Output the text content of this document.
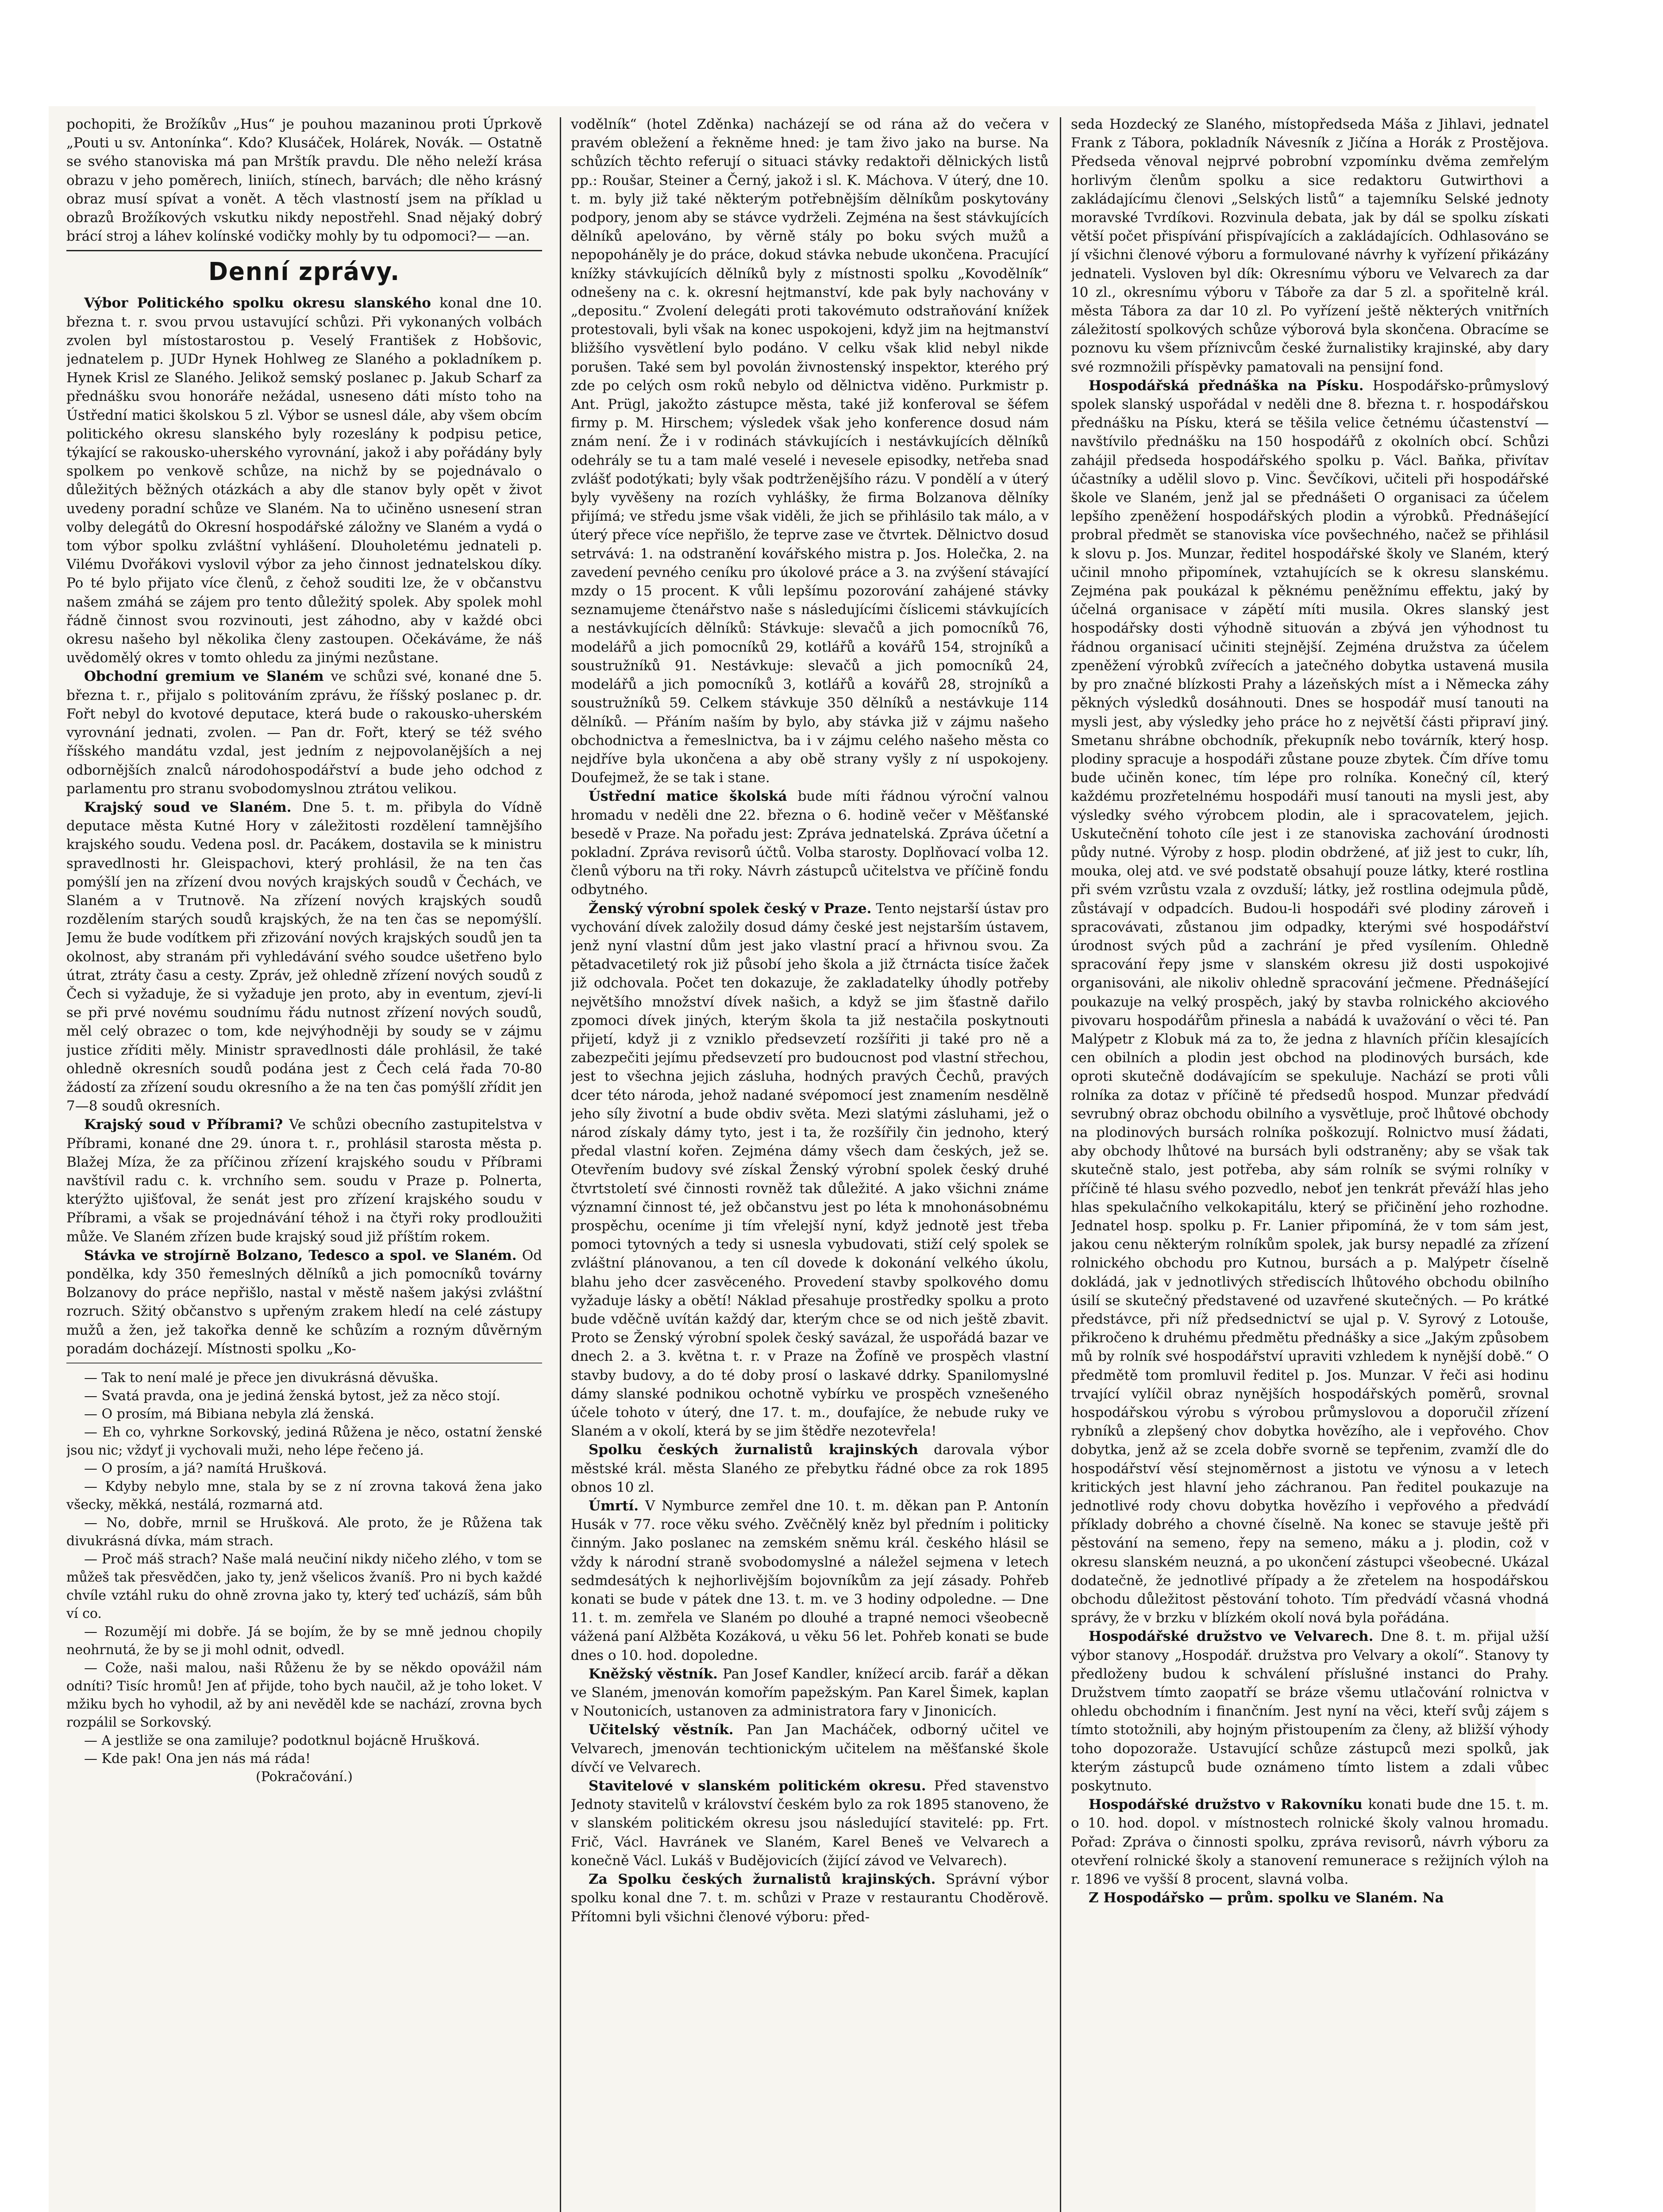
pochopiti, že Brožíkův „Hus“ je pouhou mazaninou proti Úprkově „Pouti u sv. Antonínka“. Kdo? Klusáček, Holárek, Novák. — Ostatně se svého stanoviska má pan Mrštík pravdu. Dle něho neleží krása obrazu v jeho poměrech, liniích, stínech, barvách; dle něho krásný obraz musí spívat a vonět. A těch vlastností jsem na příklad u obrazů Brožíkových vskutku nikdy nepostřehl. Snad nějaký dobrý brácí stroj a láhev kolínské vodičky mohly by tu odpomoci?— —an.

Denní zprávy.

Výbor Politického spolku okresu slanského konal dne 10. března t. r. svou prvou ustavující schůzi. Při vykonaných volbách zvolen byl místostarostou p. Veselý František z Hobšovic, jednatelem p. JUDr Hynek Hohlweg ze Slaného a pokladníkem p. Hynek Krisl ze Slaného. Jelikož semský poslanec p. Jakub Scharf za přednášku svou honoráře nežádal, usneseno dáti místo toho na Ústřední matici školskou 5 zl. Výbor se usnesl dále, aby všem obcím politického okresu slanského byly rozeslány k podpisu petice, týkající se rakousko-uherského vyrovnání, jakož i aby pořádány byly spolkem po venkově schůze, na nichž by se pojednávalo o důležitých běžných otázkách a aby dle stanov byly opět v život uvedeny poradní schůze ve Slaném. Na to učiněno usnesení stran volby delegátů do Okresní hospodářské záložny ve Slaném a vydá o tom výbor spolku zvláštní vyhlášení. Dlouholetému jednateli p. Vilému Dvořákovi vyslovil výbor za jeho činnost jednatelskou díky. Po té bylo přijato více členů, z čehož souditi lze, že v občanstvu našem zmáhá se zájem pro tento důležitý spolek. Aby spolek mohl řádně činnost svou rozvinouti, jest záhodno, aby v každé obci okresu našeho byl několika členy zastoupen. Očekáváme, že náš uvědomělý okres v tomto ohledu za jinými nezůstane.

Obchodní gremium ve Slaném ve schůzi své, konané dne 5. března t. r., přijalo s politováním zprávu, že říšský poslanec p. dr. Fořt nebyl do kvotové deputace, která bude o rakousko-uherském vyrovnání jednati, zvolen. — Pan dr. Fořt, který se též svého říšského mandátu vzdal, jest jedním z nejpovolanějších a nej odbornějších znalců národohospodářství a bude jeho odchod z parlamentu pro stranu svobodomyslnou ztrátou velikou.

Krajský soud ve Slaném. Dne 5. t. m. přibyla do Vídně deputace města Kutné Hory v záležitosti rozdělení tamnějšího krajského soudu. Vedena posl. dr. Pacákem, dostavila se k ministru spravedlnosti hr. Gleispachovi, který prohlásil, že na ten čas pomýšlí jen na zřízení dvou nových krajských soudů v Čechách, ve Slaném a v Trutnově. Na zřízení nových krajských soudů rozdělením starých soudů krajských, že na ten čas se nepomýšlí. Jemu že bude vodítkem při zřizování nových krajských soudů jen ta okolnost, aby stranám při vyhledávání svého soudce ušetřeno bylo útrat, ztráty času a cesty. Zpráv, jež ohledně zřízení nových soudů z Čech si vyžaduje, že si vyžaduje jen proto, aby in eventum, zjeví-li se při prvé novému soudnímu řádu nutnost zřízení nových soudů, měl celý obrazec o tom, kde nejvýhodněji by soudy se v zájmu justice zříditi měly. Ministr spravedlnosti dále prohlásil, že také ohledně okresních soudů podána jest z Čech celá řada 70-80 žádostí za zřízení soudu okresního a že na ten čas pomýšlí zřídit jen 7—8 soudů okresních.

Krajský soud v Příbrami? Ve schůzi obecního zastupitelstva v Příbrami, konané dne 29. února t. r., prohlásil starosta města p. Blažej Míza, že za příčinou zřízení krajského soudu v Příbrami navštívil radu c. k. vrchního sem. soudu v Praze p. Polnerta, kterýžto ujišťoval, že senát jest pro zřízení krajského soudu v Příbrami, a však se projednávání téhož i na čtyři roky prodloužiti může. Ve Slaném zřízen bude krajský soud již příštím rokem.

Stávka ve strojírně Bolzano, Tedesco a spol. ve Slaném. Od pondělka, kdy 350 řemeslných dělníků a jich pomocníků továrny Bolzanovy do práce nepřišlo, nastal v městě našem jakýsi zvláštní rozruch. Sžitý občanstvo s upřeným zrakem hledí na celé zástupy mužů a žen, jež takořka denně ke schůzím a rozným důvěrným poradám docházejí. Místnosti spolku „Ko-

— Tak to není malé je přece jen divukrásná děvuška.

— Svatá pravda, ona je jediná ženská bytost, jež za něco stojí.

— O prosím, má Bibiana nebyla zlá ženská.

— Eh co, vyhrkne Sorkovský, jediná Růžena je něco, ostatní ženské jsou nic; vždyť ji vychovali muži, neho lépe řečeno já.

— O prosím, a já? namítá Hrušková.

— Kdyby nebylo mne, stala by se z ní zrovna taková žena jako všecky, měkká, nestálá, rozmarná atd.

— No, dobře, mrnil se Hrušková. Ale proto, že je Růžena tak divukrásná dívka, mám strach.

— Proč máš strach? Naše malá neučiní nikdy ničeho zlého, v tom se můžeš tak přesvědčen, jako ty, jenž všelicos žvaníš. Pro ni bych každé chvíle vztáhl ruku do ohně zrovna jako ty, který teď ucházíš, sám bůh ví co.

— Rozumějí mi dobře. Já se bojím, že by se mně jednou chopily neohrnutá, že by se ji mohl odnit, odvedl.

— Cože, naši malou, naši Růženu že by se někdo opovážil nám odníti? Tisíc hromů! Jen ať přijde, toho bych naučil, až je toho loket. V mžiku bych ho vyhodil, až by ani nevěděl kde se nachází, zrovna bych rozpálil se Sorkovský.

— A jestliže se ona zamiluje? podotknul bojácně Hrušková.

— Kde pak! Ona jen nás má ráda!

(Pokračování.)

vodělník“ (hotel Zděnka) nacházejí se od rána až do večera v pravém obležení a řekněme hned: je tam živo jako na burse. Na schůzích těchto referují o situaci stávky redaktoři dělnických listů pp.: Roušar, Steiner a Černý, jakož i sl. K. Máchova. V úterý, dne 10. t. m. byly již také některým potřebnějším dělníkům poskytovány podpory, jenom aby se stávce vydrželi. Zejména na šest stávkujících dělníků apelováno, by věrně stály po boku svých mužů a nepopoháněly je do práce, dokud stávka nebude ukončena. Pracující knížky stávkujících dělníků byly z místnosti spolku „Kovodělník“ odnešeny na c. k. okresní hejtmanství, kde pak byly nachovány v „depositu.“ Zvolení delegáti proti takovémuto odstraňování knížek protestovali, byli však na konec uspokojeni, když jim na hejtmanství bližšího vysvětlení bylo podáno. V celku však klid nebyl nikde porušen. Také sem byl povolán živnostenský inspektor, kterého prý zde po celých osm roků nebylo od dělnictva viděno. Purkmistr p. Ant. Prügl, jakožto zástupce města, také již konferoval se šéfem firmy p. M. Hirschem; výsledek však jeho konference dosud nám znám není. Že i v rodinách stávkujících i nestávkujících dělníků odehrály se tu a tam malé veselé i nevesele episodky, netřeba snad zvlášť podotýkati; byly však podtrženějšího rázu. V pondělí a v úterý byly vyvěšeny na rozích vyhlášky, že firma Bolzanova dělníky přijímá; ve středu jsme však viděli, že jich se přihlásilo tak málo, a v úterý přece více nepřišlo, že teprve zase ve čtvrtek. Dělnictvo dosud setrvává: 1. na odstranění kovářského mistra p. Jos. Holečka, 2. na zavedení pevného ceníku pro úkolové práce a 3. na zvýšení stávající mzdy o 15 procent. K vůli lepšímu pozorování zahájené stávky seznamujeme čtenářstvo naše s následujícími číslicemi stávkujících a nestávkujících dělníků: Stávkuje: slevačů a jich pomocníků 76, modelářů a jich pomocníků 29, kotlářů a kovářů 154, strojníků a soustružníků 91. Nestávkuje: slevačů a jich pomocníků 24, modelářů a jich pomocníků 3, kotlářů a kovářů 28, strojníků a soustružníků 59. Celkem stávkuje 350 dělníků a nestávkuje 114 dělníků. — Přáním naším by bylo, aby stávka již v zájmu našeho obchodnictva a řemeslnictva, ba i v zájmu celého našeho města co nejdříve byla ukončena a aby obě strany vyšly z ní uspokojeny. Doufejmež, že se tak i stane.

Ústřední matice školská bude míti řádnou výroční valnou hromadu v neděli dne 22. března o 6. hodině večer v Měšťanské besedě v Praze. Na pořadu jest: Zpráva jednatelská. Zpráva účetní a pokladní. Zpráva revisorů účtů. Volba starosty. Doplňovací volba 12. členů výboru na tři roky. Návrh zástupců učitelstva ve příčině fondu odbytného.

Ženský výrobní spolek český v Praze. Tento nejstarší ústav pro vychování dívek založily dosud dámy české jest nejstarším ústavem, jenž nyní vlastní dům jest jako vlastní prací a hřivnou svou. Za pětadvacetiletý rok již působí jeho škola a již čtrnácta tisíce žaček již odchovala. Počet ten dokazuje, že zakladatelky úhodly potřeby největšího množství dívek našich, a když se jim šťastně dařilo zpomoci dívek jiných, kterým škola ta již nestačila poskytnouti přijetí, když ji z vzniklo předsevzetí rozšířiti ji také pro ně a zabezpečiti jejímu předsevzetí pro budoucnost pod vlastní střechou, jest to všechna jejich zásluha, hodných pravých Čechů, pravých dcer této národa, jehož nadané svépomocí jest znamením nesdělně jeho síly životní a bude obdiv světa. Mezi slatými zásluhami, jež o národ získaly dámy tyto, jest i ta, že rozšířily čin jednoho, který předal vlastní kořen. Zejména dámy všech dam českých, jež se. Otevřením budovy své získal Ženský výrobní spolek český druhé čtvrtstoletí své činnosti rovněž tak důležité. A jako všichni známe významní činnost té, jež občanstvu jest po léta k mnohonásobnému prospěchu, oceníme ji tím vřelejší nyní, když jednotě jest třeba pomoci tytovných a tedy si usnesla vybudovati, stiží celý spolek se zvláštní plánovanou, a ten cíl dovede k dokonání velkého úkolu, blahu jeho dcer zasvěceného. Provedení stavby spolkového domu vyžaduje lásky a obětí! Náklad přesahuje prostředky spolku a proto bude vděčně uvítán každý dar, kterým chce se od nich ještě zbavit. Proto se Ženský výrobní spolek český savázal, že uspořádá bazar ve dnech 2. a 3. května t. r. v Praze na Žofíně ve prospěch vlastní stavby budovy, a do té doby prosí o laskavé ddrky. Spanilomyslné dámy slanské podnikou ochotně vybírku ve prospěch vznešeného účele tohoto v úterý, dne 17. t. m., doufajíce, že nebude ruky ve Slaném a v okolí, která by se jim štědře nezotevřela!

Spolku českých žurnalistů krajinských darovala výbor městské král. města Slaného ze přebytku řádné obce za rok 1895 obnos 10 zl.

Úmrtí. V Nymburce zemřel dne 10. t. m. děkan pan P. Antonín Husák v 77. roce věku svého. Zvěčnělý kněz byl předním i politicky činným. Jako poslanec na zemském sněmu král. českého hlásil se vždy k národní straně svobodomyslné a náležel sejmena v letech sedmdesátých k nejhorlivějším bojovníkům za její zásady. Pohřeb konati se bude v pátek dne 13. t. m. ve 3 hodiny odpoledne. — Dne 11. t. m. zemřela ve Slaném po dlouhé a trapné nemoci všeobecně vážená paní Alžběta Kozáková, u věku 56 let. Pohřeb konati se bude dnes o 10. hod. dopoledne.

Kněžský věstník. Pan Josef Kandler, knížecí arcib. farář a děkan ve Slaném, jmenován komořím papežským. Pan Karel Šimek, kaplan v Noutonicích, ustanoven za administratora fary v Jinonicích.

Učitelský věstník. Pan Jan Macháček, odborný učitel ve Velvarech, jmenován techtionickým učitelem na měšťanské škole dívčí ve Velvarech.

Stavitelové v slanském politickém okresu. Před stavenstvo Jednoty stavitelů v království českém bylo za rok 1895 stanoveno, že v slanském politickém okresu jsou následující stavitelé: pp. Frt. Frič, Václ. Havránek ve Slaném, Karel Beneš ve Velvarech a konečně Václ. Lukáš v Budějovicích (žijící závod ve Velvarech).

Za Spolku českých žurnalistů krajinských. Správní výbor spolku konal dne 7. t. m. schůzi v Praze v restaurantu Choděrově. Přítomni byli všichni členové výboru: před-

seda Hozdecký ze Slaného, místopředseda Máša z Jihlavi, jednatel Frank z Tábora, pokladník Návesník z Jičína a Horák z Prostějova. Předseda věnoval nejprvé pobrobní vzpomínku dvěma zemřelým horlivým členům spolku a sice redaktoru Gutwirthovi a zakládajícímu členovi „Selských listů“ a tajemníku Selské jednoty moravské Tvrdíkovi. Rozvinula debata, jak by dál se spolku získati větší počet přispívání přispívajících a zakládajících. Odhlasováno se jí všichni členové výboru a formulované návrhy k vyřízení přikázány jednateli. Vysloven byl dík: Okresnímu výboru ve Velvarech za dar 10 zl., okresnímu výboru v Táboře za dar 5 zl. a spořitelně král. města Tábora za dar 10 zl. Po vyřízení ještě některých vnitřních záležitostí spolkových schůze výborová byla skončena. Obracíme se poznovu ku všem příznivcům české žurnalistiky krajinské, aby dary své rozmnožili příspěvky pamatovali na pensijní fond.

Hospodářská přednáška na Písku. Hospodářsko-průmyslový spolek slanský uspořádal v neděli dne 8. března t. r. hospodářskou přednášku na Písku, která se těšila velice četnému účastenství — navštívilo přednášku na 150 hospodářů z okolních obcí. Schůzi zahájil předseda hospodářského spolku p. Václ. Baňka, přivítav účastníky a udělil slovo p. Vinc. Ševčíkovi, učiteli při hospodářské škole ve Slaném, jenž jal se přednášeti O organisaci za účelem lepšího zpeněžení hospodářských plodin a výrobků. Přednášející probral předmět se stanoviska více povšechného, načež se přihlásil k slovu p. Jos. Munzar, ředitel hospodářské školy ve Slaném, který učinil mnoho připomínek, vztahujících se k okresu slanskému. Zejména pak poukázal k pěknému peněžnímu effektu, jaký by účelná organisace v zápětí míti musila. Okres slanský jest hospodářsky dosti výhodně situován a zbývá jen výhodnost tu řádnou organisací učiniti stejnější. Zejména družstva za účelem zpeněžení výrobků zvířecích a jatečného dobytka ustavená musila by pro značné blízkosti Prahy a lázeňských míst a i Německa záhy pěkných výsledků dosáhnouti. Dnes se hospodář musí tanouti na mysli jest, aby výsledky jeho práce ho z největší části připraví jiný. Smetanu shrábne obchodník, překupník nebo továrník, který hosp. plodiny spracuje a hospodáři zůstane pouze zbytek. Čím dříve tomu bude učiněn konec, tím lépe pro rolníka. Konečný cíl, který každému prozřetelnému hospodáři musí tanouti na mysli jest, aby výsledky svého výrobcem plodin, ale i spracovatelem, jejich. Uskutečnění tohoto cíle jest i ze stanoviska zachování úrodnosti půdy nutné. Výroby z hosp. plodin obdržené, ať již jest to cukr, líh, mouka, olej atd. ve své podstatě obsahují pouze látky, které rostlina při svém vzrůstu vzala z ovzduší; látky, jež rostlina odejmula půdě, zůstávají v odpadcích. Budou-li hospodáři své plodiny zároveň i spracovávati, zůstanou jim odpadky, kterými své hospodářství úrodnost svých půd a zachrání je před vysílením. Ohledně spracování řepy jsme v slanském okresu již dosti uspokojivé organisováni, ale nikoliv ohledně spracování ječmene. Přednášející poukazuje na velký prospěch, jaký by stavba rolnického akciového pivovaru hospodářům přinesla a nabádá k uvažování o věci té. Pan Malýpetr z Klobuk má za to, že jedna z hlavních příčin klesajících cen obilních a plodin jest obchod na plodinových bursách, kde oproti skutečně dodávajícím se spekuluje. Nachází se proti vůli rolníka za dotaz v příčině té předsedů hospod. Munzar předvádí sevrubný obraz obchodu obilního a vysvětluje, proč lhůtové obchody na plodinových bursách rolníka poškozují. Rolnictvo musí žádati, aby obchody lhůtové na bursách byli odstraněny; aby se však tak skutečně stalo, jest potřeba, aby sám rolník se svými rolníky v příčině té hlasu svého pozvedlo, neboť jen tenkrát převáží hlas jeho hlas spekulačního velkokapitálu, který se přičinění jeho rozhodne. Jednatel hosp. spolku p. Fr. Lanier připomíná, že v tom sám jest, jakou cenu některým rolníkům spolek, jak bursy nepadlé za zřízení rolnického obchodu pro Kutnou, bursách a p. Malýpetr číselně dokládá, jak v jednotlivých střediscích lhůtového obchodu obilního úsilí se skutečný představené od uzavřené skutečných. — Po krátké předstávce, při níž předsednictví se ujal p. V. Syrový z Lotouše, přikročeno k druhému předmětu přednášky a sice „Jakým způsobem mů by rolník své hospodářství upraviti vzhledem k nynější době.“ O předmětě tom promluvil ředitel p. Jos. Munzar. V řeči asi hodinu trvající vylíčil obraz nynějších hospodářských poměrů, srovnal hospodářskou výrobu s výrobou průmyslovou a doporučil zřízení rybníků a zlepšený chov dobytka hovězího, ale i vepřového. Chov dobytka, jenž až se zcela dobře svorně se tepřenim, zvamží dle do hospodářství věsí stejnoměrnost a jistotu ve výnosu a v letech kritických jest hlavní jeho záchranou. Pan ředitel poukazuje na jednotlivé rody chovu dobytka hovězího i vepřového a předvádí příklady dobrého a chovné číselně. Na konec se stavuje ještě při pěstování na semeno, řepy na semeno, máku a j. plodin, což v okresu slanském neuzná, a po ukončení zástupci všeobecné. Ukázal dodatečně, že jednotlivé případy a že zřetelem na hospodářskou obchodu důležitost pěstování tohoto. Tím předvádí včasná vhodná správy, že v brzku v blízkém okolí nová byla pořádána.

Hospodářské družstvo ve Velvarech. Dne 8. t. m. přijal užší výbor stanovy „Hospodář. družstva pro Velvary a okolí“. Stanovy ty předloženy budou k schválení příslušné instanci do Prahy. Družstvem tímto zaopatří se bráze všemu utlačování rolnictva v ohledu obchodním i finančním. Jest nyní na věci, kteří svůj zájem s tímto stotožnili, aby hojným přistoupením za členy, až bližší výhody toho dopozoraže. Ustavující schůze zástupců mezi spolků, jak kterým zástupců bude oznámeno tímto listem a zdali vůbec poskytnuto.

Hospodářské družstvo v Rakovníku konati bude dne 15. t. m. o 10. hod. dopol. v místnostech rolnické školy valnou hromadu. Pořad: Zpráva o činnosti spolku, zpráva revisorů, návrh výboru za otevření rolnické školy a stanovení remunerace s režijních výloh na r. 1896 ve vyšší 8 procent, slavná volba.

Z Hospodářsko — prům. spolku ve Slaném. Na
